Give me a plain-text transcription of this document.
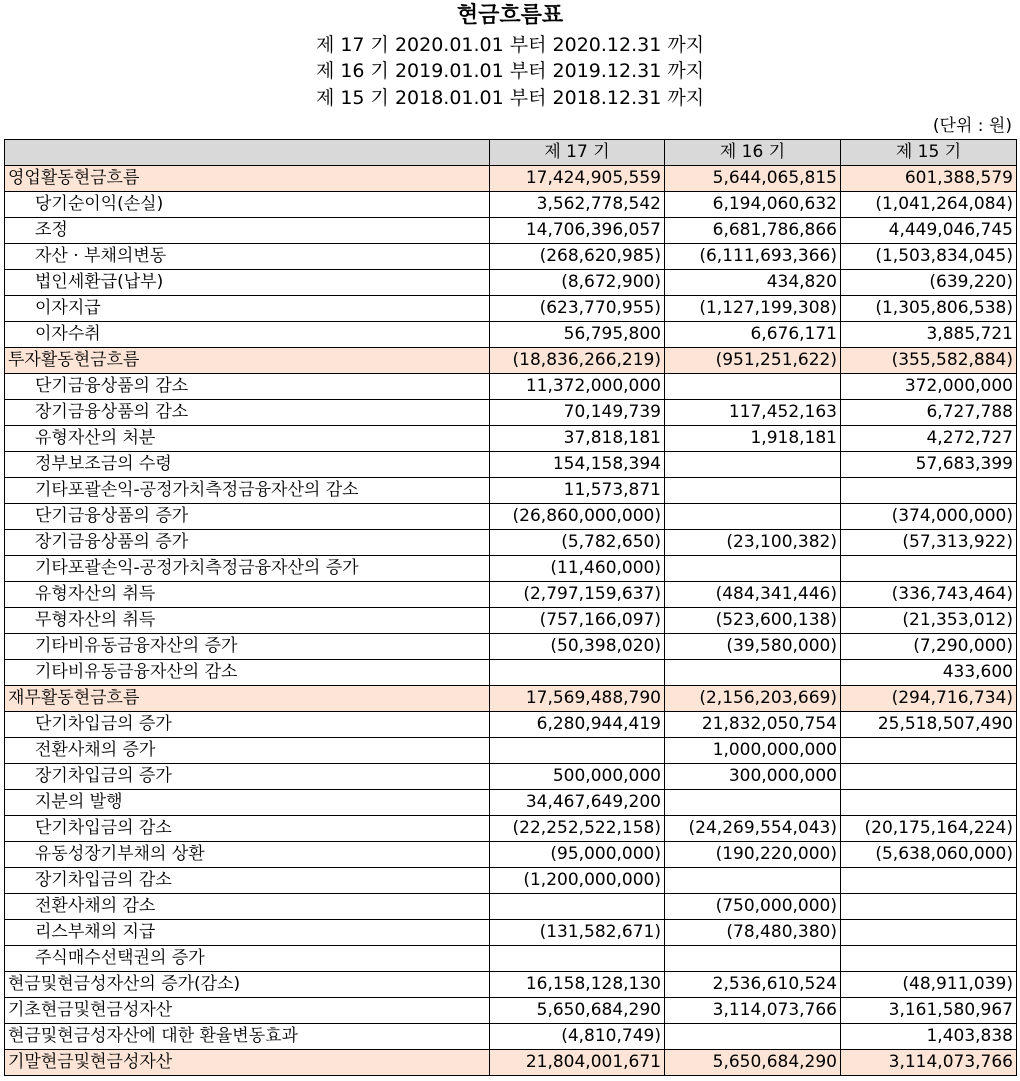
현금흐름표
제 17 기 2020.01.01 부터 2020.12.31 까지
제 16 기 2019.01.01 부터 2019.12.31 까지
제 15 기 2018.01.01 부터 2018.12.31 까지
(단위 : 원)
	제 17 기	제 16 기	제 15 기
영업활동현금흐름	17,424,905,559	5,644,065,815	601,388,579
당기순이익(손실)	3,562,778,542	6,194,060,632	(1,041,264,084)
조정	14,706,396,057	6,681,786,866	4,449,046,745
자산 · 부채의변동	(268,620,985)	(6,111,693,366)	(1,503,834,045)
법인세환급(납부)	(8,672,900)	434,820	(639,220)
이자지급	(623,770,955)	(1,127,199,308)	(1,305,806,538)
이자수취	56,795,800	6,676,171	3,885,721
투자활동현금흐름	(18,836,266,219)	(951,251,622)	(355,582,884)
단기금융상품의 감소	11,372,000,000		372,000,000
장기금융상품의 감소	70,149,739	117,452,163	6,727,788
유형자산의 처분	37,818,181	1,918,181	4,272,727
정부보조금의 수령	154,158,394		57,683,399
기타포괄손익-공정가치측정금융자산의 감소	11,573,871		
단기금융상품의 증가	(26,860,000,000)		(374,000,000)
장기금융상품의 증가	(5,782,650)	(23,100,382)	(57,313,922)
기타포괄손익-공정가치측정금융자산의 증가	(11,460,000)		
유형자산의 취득	(2,797,159,637)	(484,341,446)	(336,743,464)
무형자산의 취득	(757,166,097)	(523,600,138)	(21,353,012)
기타비유동금융자산의 증가	(50,398,020)	(39,580,000)	(7,290,000)
기타비유동금융자산의 감소			433,600
재무활동현금흐름	17,569,488,790	(2,156,203,669)	(294,716,734)
단기차입금의 증가	6,280,944,419	21,832,050,754	25,518,507,490
전환사채의 증가		1,000,000,000	
장기차입금의 증가	500,000,000	300,000,000	
지분의 발행	34,467,649,200		
단기차입금의 감소	(22,252,522,158)	(24,269,554,043)	(20,175,164,224)
유동성장기부채의 상환	(95,000,000)	(190,220,000)	(5,638,060,000)
장기차입금의 감소	(1,200,000,000)		
전환사채의 감소		(750,000,000)	
리스부채의 지급	(131,582,671)	(78,480,380)	
주식매수선택권의 증가			
현금및현금성자산의 증가(감소)	16,158,128,130	2,536,610,524	(48,911,039)
기초현금및현금성자산	5,650,684,290	3,114,073,766	3,161,580,967
현금및현금성자산에 대한 환율변동효과	(4,810,749)		1,403,838
기말현금및현금성자산	21,804,001,671	5,650,684,290	3,114,073,766
